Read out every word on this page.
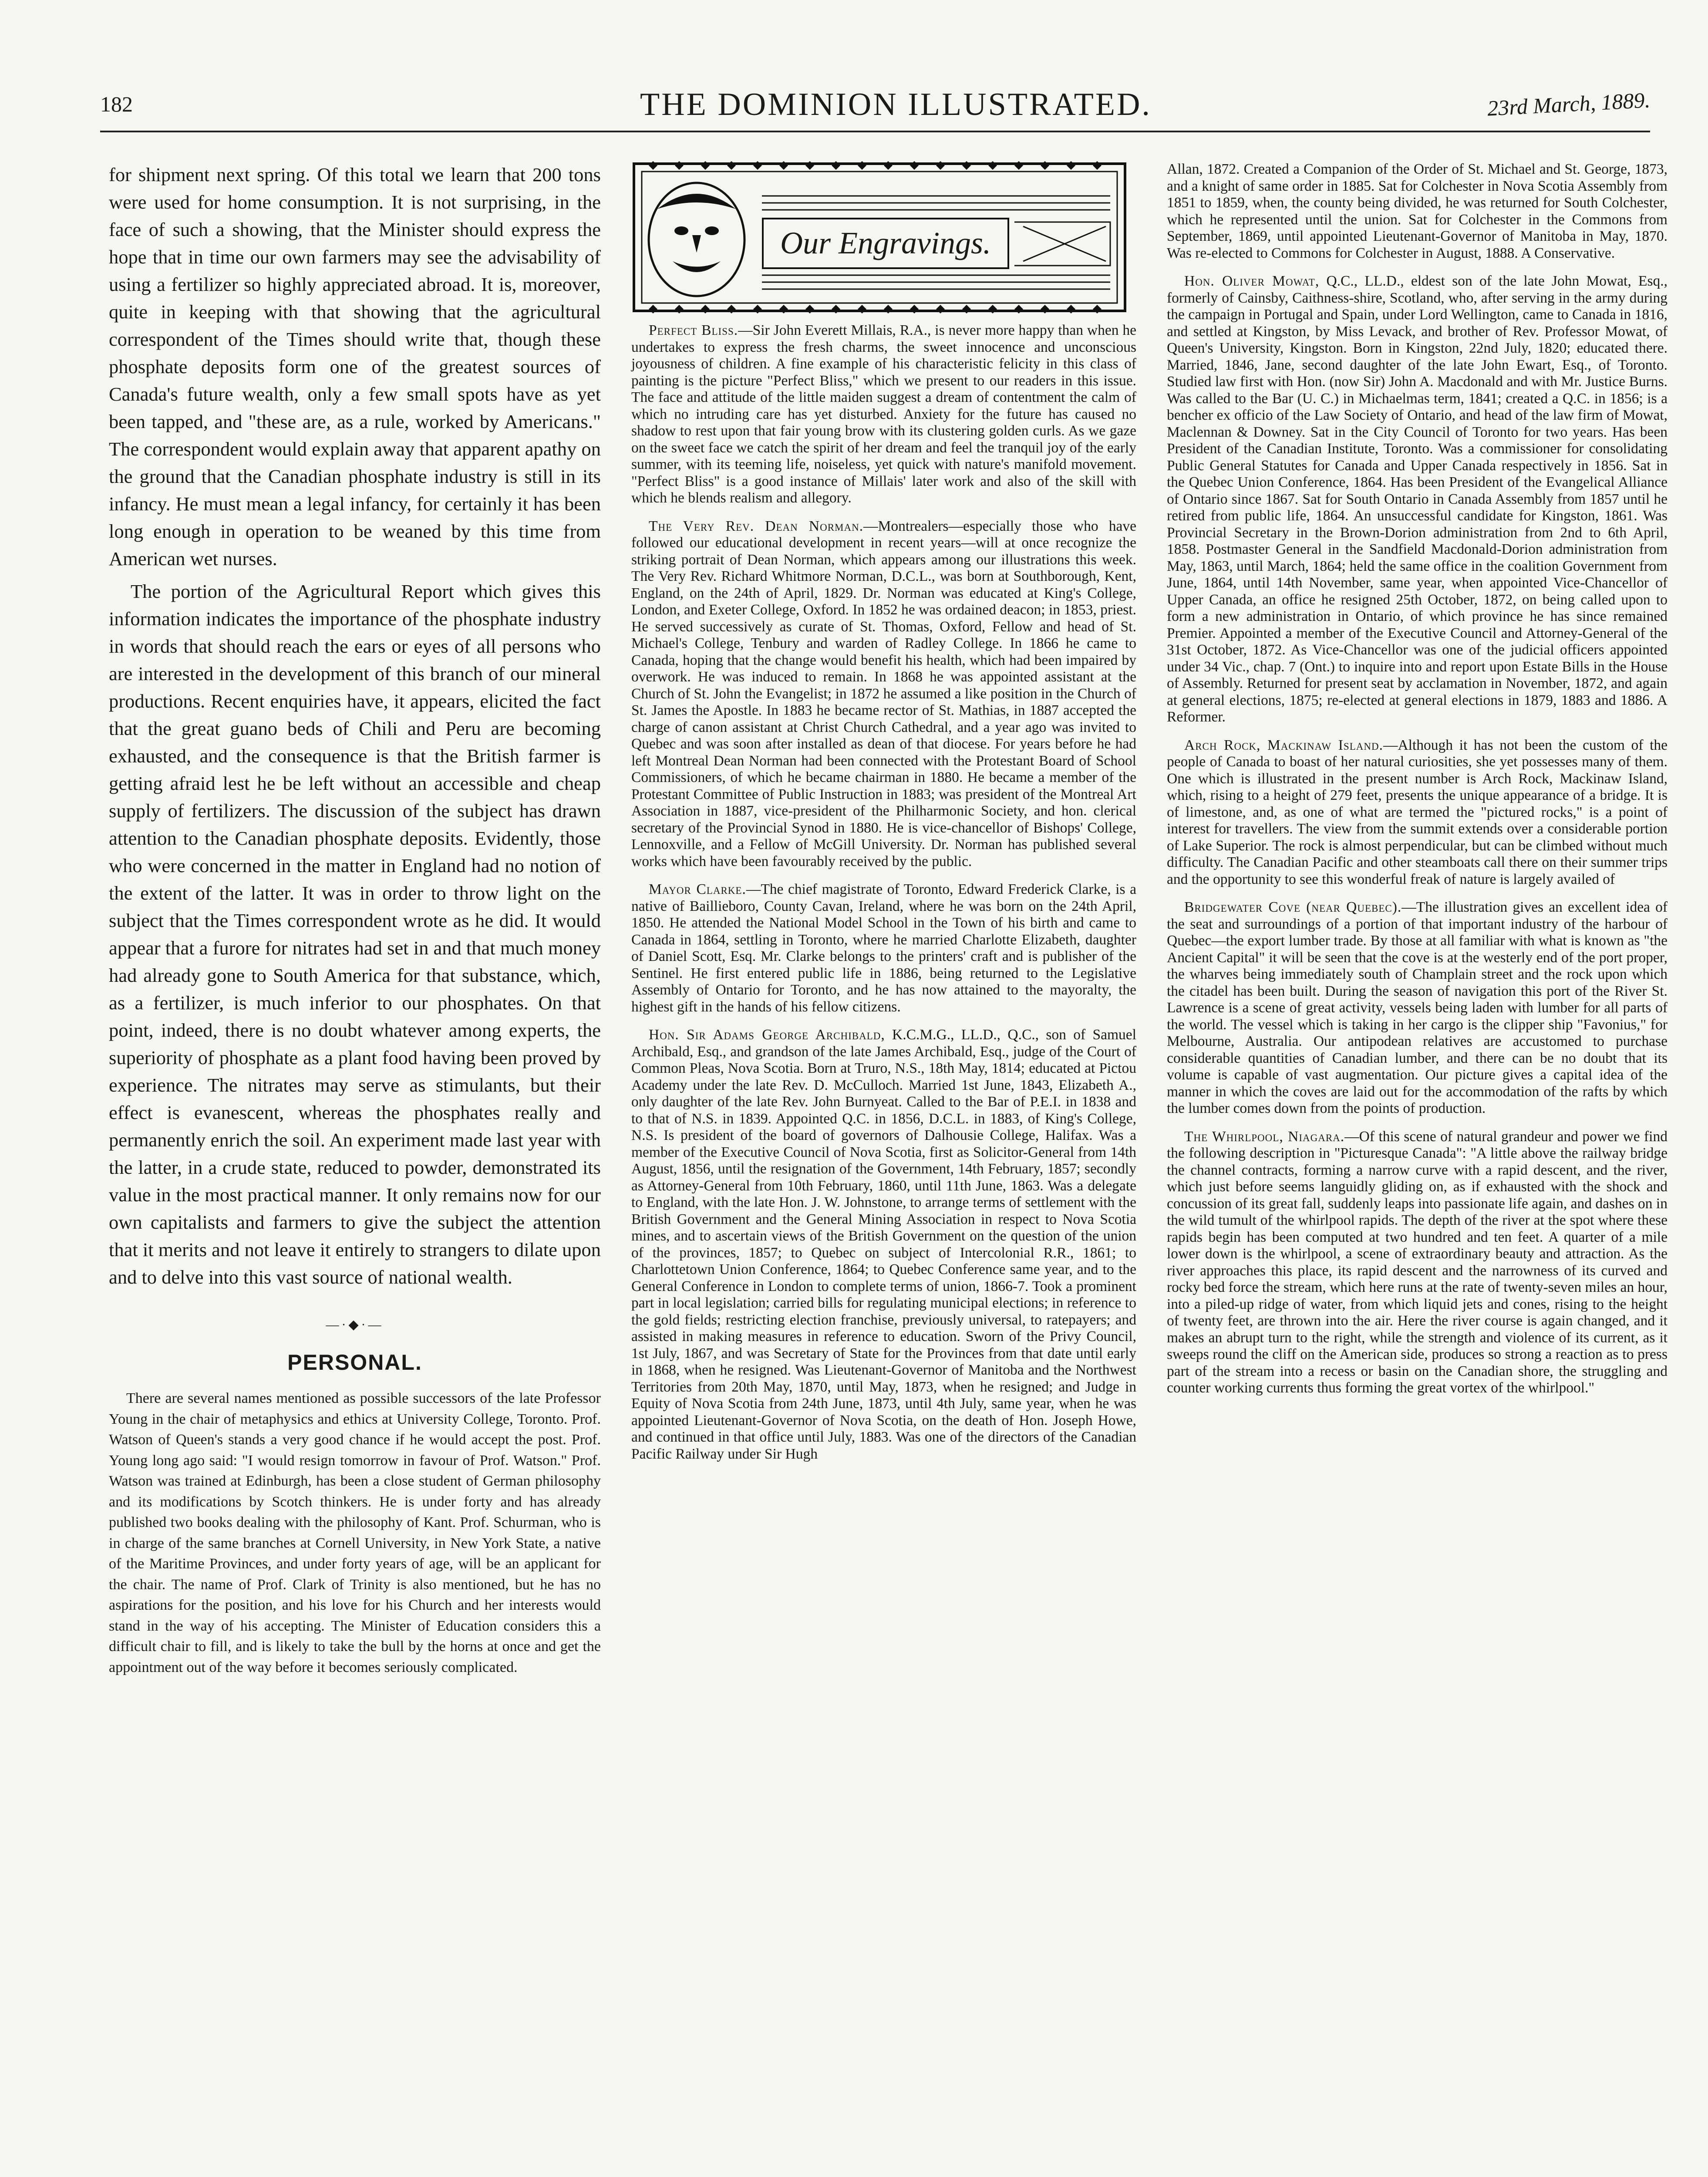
182	THE DOMINION ILLUSTRATED.	23rd March, 1889.

for shipment next spring. Of this total we learn that 200 tons were used for home consumption. It is not surprising, in the face of such a showing, that the Minister should express the hope that in time our own farmers may see the advisability of using a fertilizer so highly appreciated abroad. It is, moreover, quite in keeping with that showing that the agricultural correspondent of the Times should write that, though these phosphate deposits form one of the greatest sources of Canada's future wealth, only a few small spots have as yet been tapped, and "these are, as a rule, worked by Americans." The correspondent would explain away that apparent apathy on the ground that the Canadian phosphate industry is still in its infancy. He must mean a legal infancy, for certainly it has been long enough in operation to be weaned by this time from American wet nurses.

The portion of the Agricultural Report which gives this information indicates the importance of the phosphate industry in words that should reach the ears or eyes of all persons who are interested in the development of this branch of our mineral productions. Recent enquiries have, it appears, elicited the fact that the great guano beds of Chili and Peru are becoming exhausted, and the consequence is that the British farmer is getting afraid lest he be left without an accessible and cheap supply of fertilizers. The discussion of the subject has drawn attention to the Canadian phosphate deposits. Evidently, those who were concerned in the matter in England had no notion of the extent of the latter. It was in order to throw light on the subject that the Times correspondent wrote as he did. It would appear that a furore for nitrates had set in and that much money had already gone to South America for that substance, which, as a fertilizer, is much inferior to our phosphates. On that point, indeed, there is no doubt whatever among experts, the superiority of phosphate as a plant food having been proved by experience. The nitrates may serve as stimulants, but their effect is evanescent, whereas the phosphates really and permanently enrich the soil. An experiment made last year with the latter, in a crude state, reduced to powder, demonstrated its value in the most practical manner. It only remains now for our own capitalists and farmers to give the subject the attention that it merits and not leave it entirely to strangers to dilate upon and to delve into this vast source of national wealth.

—·◆·—
PERSONAL.

There are several names mentioned as possible successors of the late Professor Young in the chair of metaphysics and ethics at University College, Toronto. Prof. Watson of Queen's stands a very good chance if he would accept the post. Prof. Young long ago said: "I would resign tomorrow in favour of Prof. Watson." Prof. Watson was trained at Edinburgh, has been a close student of German philosophy and its modifications by Scotch thinkers. He is under forty and has already published two books dealing with the philosophy of Kant. Prof. Schurman, who is in charge of the same branches at Cornell University, in New York State, a native of the Maritime Provinces, and under forty years of age, will be an applicant for the chair. The name of Prof. Clark of Trinity is also mentioned, but he has no aspirations for the position, and his love for his Church and her interests would stand in the way of his accepting. The Minister of Education considers this a difficult chair to fill, and is likely to take the bull by the horns at once and get the appointment out of the way before it becomes seriously complicated.

Our Engravings.

Perfect Bliss.—Sir John Everett Millais, R.A., is never more happy than when he undertakes to express the fresh charms, the sweet innocence and unconscious joyousness of children. A fine example of his characteristic felicity in this class of painting is the picture "Perfect Bliss," which we present to our readers in this issue. The face and attitude of the little maiden suggest a dream of contentment the calm of which no intruding care has yet disturbed. Anxiety for the future has caused no shadow to rest upon that fair young brow with its clustering golden curls. As we gaze on the sweet face we catch the spirit of her dream and feel the tranquil joy of the early summer, with its teeming life, noiseless, yet quick with nature's manifold movement. "Perfect Bliss" is a good instance of Millais' later work and also of the skill with which he blends realism and allegory.

The Very Rev. Dean Norman.—Montrealers—especially those who have followed our educational development in recent years—will at once recognize the striking portrait of Dean Norman, which appears among our illustrations this week. The Very Rev. Richard Whitmore Norman, D.C.L., was born at Southborough, Kent, England, on the 24th of April, 1829. Dr. Norman was educated at King's College, London, and Exeter College, Oxford. In 1852 he was ordained deacon; in 1853, priest. He served successively as curate of St. Thomas, Oxford, Fellow and head of St. Michael's College, Tenbury and warden of Radley College. In 1866 he came to Canada, hoping that the change would benefit his health, which had been impaired by overwork. He was induced to remain. In 1868 he was appointed assistant at the Church of St. John the Evangelist; in 1872 he assumed a like position in the Church of St. James the Apostle. In 1883 he became rector of St. Mathias, in 1887 accepted the charge of canon assistant at Christ Church Cathedral, and a year ago was invited to Quebec and was soon after installed as dean of that diocese. For years before he had left Montreal Dean Norman had been connected with the Protestant Board of School Commissioners, of which he became chairman in 1880. He became a member of the Protestant Committee of Public Instruction in 1883; was president of the Montreal Art Association in 1887, vice-president of the Philharmonic Society, and hon. clerical secretary of the Provincial Synod in 1880. He is vice-chancellor of Bishops' College, Lennoxville, and a Fellow of McGill University. Dr. Norman has published several works which have been favourably received by the public.

Mayor Clarke.—The chief magistrate of Toronto, Edward Frederick Clarke, is a native of Baillieboro, County Cavan, Ireland, where he was born on the 24th April, 1850. He attended the National Model School in the Town of his birth and came to Canada in 1864, settling in Toronto, where he married Charlotte Elizabeth, daughter of Daniel Scott, Esq. Mr. Clarke belongs to the printers' craft and is publisher of the Sentinel. He first entered public life in 1886, being returned to the Legislative Assembly of Ontario for Toronto, and he has now attained to the mayoralty, the highest gift in the hands of his fellow citizens.

Hon. Sir Adams George Archibald, K.C.M.G., LL.D., Q.C., son of Samuel Archibald, Esq., and grandson of the late James Archibald, Esq., judge of the Court of Common Pleas, Nova Scotia. Born at Truro, N.S., 18th May, 1814; educated at Pictou Academy under the late Rev. D. McCulloch. Married 1st June, 1843, Elizabeth A., only daughter of the late Rev. John Burnyeat. Called to the Bar of P.E.I. in 1838 and to that of N.S. in 1839. Appointed Q.C. in 1856, D.C.L. in 1883, of King's College, N.S. Is president of the board of governors of Dalhousie College, Halifax. Was a member of the Executive Council of Nova Scotia, first as Solicitor-General from 14th August, 1856, until the resignation of the Government, 14th February, 1857; secondly as Attorney-General from 10th February, 1860, until 11th June, 1863. Was a delegate to England, with the late Hon. J. W. Johnstone, to arrange terms of settlement with the British Government and the General Mining Association in respect to Nova Scotia mines, and to ascertain views of the British Government on the question of the union of the provinces, 1857; to Quebec on subject of Intercolonial R.R., 1861; to Charlottetown Union Conference, 1864; to Quebec Conference same year, and to the General Conference in London to complete terms of union, 1866-7. Took a prominent part in local legislation; carried bills for regulating municipal elections; in reference to the gold fields; restricting election franchise, previously universal, to ratepayers; and assisted in making measures in reference to education. Sworn of the Privy Council, 1st July, 1867, and was Secretary of State for the Provinces from that date until early in 1868, when he resigned. Was Lieutenant-Governor of Manitoba and the Northwest Territories from 20th May, 1870, until May, 1873, when he resigned; and Judge in Equity of Nova Scotia from 24th June, 1873, until 4th July, same year, when he was appointed Lieutenant-Governor of Nova Scotia, on the death of Hon. Joseph Howe, and continued in that office until July, 1883. Was one of the directors of the Canadian Pacific Railway under Sir Hugh

Allan, 1872. Created a Companion of the Order of St. Michael and St. George, 1873, and a knight of same order in 1885. Sat for Colchester in Nova Scotia Assembly from 1851 to 1859, when, the county being divided, he was returned for South Colchester, which he represented until the union. Sat for Colchester in the Commons from September, 1869, until appointed Lieutenant-Governor of Manitoba in May, 1870. Was re-elected to Commons for Colchester in August, 1888. A Conservative.

Hon. Oliver Mowat, Q.C., LL.D., eldest son of the late John Mowat, Esq., formerly of Cainsby, Caithness-shire, Scotland, who, after serving in the army during the campaign in Portugal and Spain, under Lord Wellington, came to Canada in 1816, and settled at Kingston, by Miss Levack, and brother of Rev. Professor Mowat, of Queen's University, Kingston. Born in Kingston, 22nd July, 1820; educated there. Married, 1846, Jane, second daughter of the late John Ewart, Esq., of Toronto. Studied law first with Hon. (now Sir) John A. Macdonald and with Mr. Justice Burns. Was called to the Bar (U. C.) in Michaelmas term, 1841; created a Q.C. in 1856; is a bencher ex officio of the Law Society of Ontario, and head of the law firm of Mowat, Maclennan & Downey. Sat in the City Council of Toronto for two years. Has been President of the Canadian Institute, Toronto. Was a commissioner for consolidating Public General Statutes for Canada and Upper Canada respectively in 1856. Sat in the Quebec Union Conference, 1864. Has been President of the Evangelical Alliance of Ontario since 1867. Sat for South Ontario in Canada Assembly from 1857 until he retired from public life, 1864. An unsuccessful candidate for Kingston, 1861. Was Provincial Secretary in the Brown-Dorion administration from 2nd to 6th April, 1858. Postmaster General in the Sandfield Macdonald-Dorion administration from May, 1863, until March, 1864; held the same office in the coalition Government from June, 1864, until 14th November, same year, when appointed Vice-Chancellor of Upper Canada, an office he resigned 25th October, 1872, on being called upon to form a new administration in Ontario, of which province he has since remained Premier. Appointed a member of the Executive Council and Attorney-General of the 31st October, 1872. As Vice-Chancellor was one of the judicial officers appointed under 34 Vic., chap. 7 (Ont.) to inquire into and report upon Estate Bills in the House of Assembly. Returned for present seat by acclamation in November, 1872, and again at general elections, 1875; re-elected at general elections in 1879, 1883 and 1886. A Reformer.

Arch Rock, Mackinaw Island.—Although it has not been the custom of the people of Canada to boast of her natural curiosities, she yet possesses many of them. One which is illustrated in the present number is Arch Rock, Mackinaw Island, which, rising to a height of 279 feet, presents the unique appearance of a bridge. It is of limestone, and, as one of what are termed the "pictured rocks," is a point of interest for travellers. The view from the summit extends over a considerable portion of Lake Superior. The rock is almost perpendicular, but can be climbed without much difficulty. The Canadian Pacific and other steamboats call there on their summer trips and the opportunity to see this wonderful freak of nature is largely availed of

Bridgewater Cove (near Quebec).—The illustration gives an excellent idea of the seat and surroundings of a portion of that important industry of the harbour of Quebec—the export lumber trade. By those at all familiar with what is known as "the Ancient Capital" it will be seen that the cove is at the westerly end of the port proper, the wharves being immediately south of Champlain street and the rock upon which the citadel has been built. During the season of navigation this port of the River St. Lawrence is a scene of great activity, vessels being laden with lumber for all parts of the world. The vessel which is taking in her cargo is the clipper ship "Favonius," for Melbourne, Australia. Our antipodean relatives are accustomed to purchase considerable quantities of Canadian lumber, and there can be no doubt that its volume is capable of vast augmentation. Our picture gives a capital idea of the manner in which the coves are laid out for the accommodation of the rafts by which the lumber comes down from the points of production.

The Whirlpool, Niagara.—Of this scene of natural grandeur and power we find the following description in "Picturesque Canada": "A little above the railway bridge the channel contracts, forming a narrow curve with a rapid descent, and the river, which just before seems languidly gliding on, as if exhausted with the shock and concussion of its great fall, suddenly leaps into passionate life again, and dashes on in the wild tumult of the whirlpool rapids. The depth of the river at the spot where these rapids begin has been computed at two hundred and ten feet. A quarter of a mile lower down is the whirlpool, a scene of extraordinary beauty and attraction. As the river approaches this place, its rapid descent and the narrowness of its curved and rocky bed force the stream, which here runs at the rate of twenty-seven miles an hour, into a piled-up ridge of water, from which liquid jets and cones, rising to the height of twenty feet, are thrown into the air. Here the river course is again changed, and it makes an abrupt turn to the right, while the strength and violence of its current, as it sweeps round the cliff on the American side, produces so strong a reaction as to press part of the stream into a recess or basin on the Canadian shore, the struggling and counter working currents thus forming the great vortex of the whirlpool."
